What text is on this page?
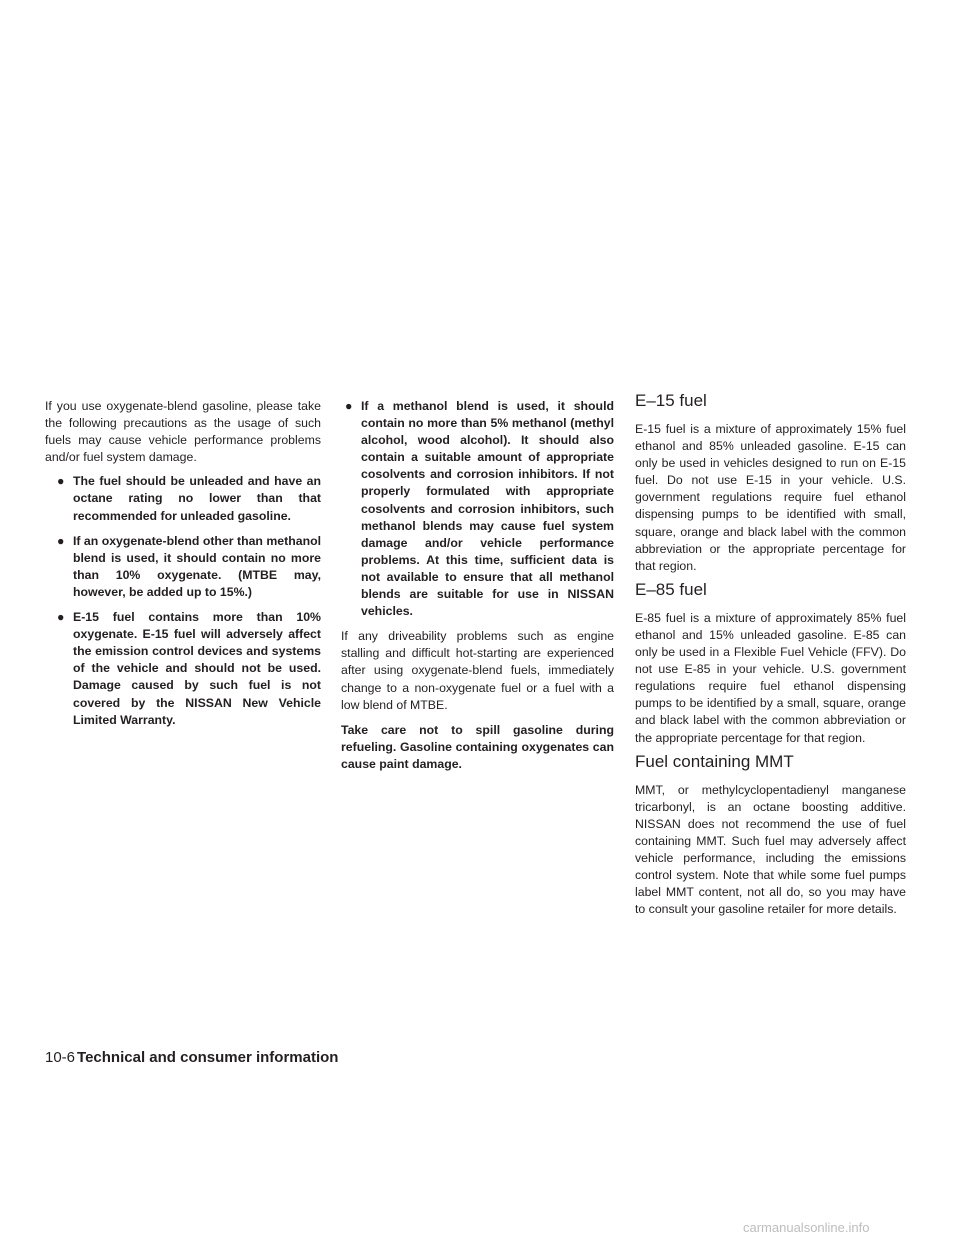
If you use oxygenate-blend gasoline, please take the following precautions as the usage of such fuels may cause vehicle performance problems and/or fuel system damage.

● The fuel should be unleaded and have an octane rating no lower than that recommended for unleaded gasoline.
● If an oxygenate-blend other than methanol blend is used, it should contain no more than 10% oxygenate. (MTBE may, however, be added up to 15%.)
● E-15 fuel contains more than 10% oxygenate. E-15 fuel will adversely affect the emission control devices and systems of the vehicle and should not be used. Damage caused by such fuel is not covered by the NISSAN New Vehicle Limited Warranty.
● If a methanol blend is used, it should contain no more than 5% methanol (methyl alcohol, wood alcohol). It should also contain a suitable amount of appropriate cosolvents and corrosion inhibitors. If not properly formulated with appropriate cosolvents and corrosion inhibitors, such methanol blends may cause fuel system damage and/or vehicle performance problems. At this time, sufficient data is not available to ensure that all methanol blends are suitable for use in NISSAN vehicles.

If any driveability problems such as engine stalling and difficult hot-starting are experienced after using oxygenate-blend fuels, immediately change to a non-oxygenate fuel or a fuel with a low blend of MTBE.

Take care not to spill gasoline during refueling. Gasoline containing oxygenates can cause paint damage.

E–15 fuel

E-15 fuel is a mixture of approximately 15% fuel ethanol and 85% unleaded gasoline. E-15 can only be used in vehicles designed to run on E-15 fuel. Do not use E-15 in your vehicle. U.S. government regulations require fuel ethanol dispensing pumps to be identified with small, square, orange and black label with the common abbreviation or the appropriate percentage for that region.

E–85 fuel

E-85 fuel is a mixture of approximately 85% fuel ethanol and 15% unleaded gasoline. E-85 can only be used in a Flexible Fuel Vehicle (FFV). Do not use E-85 in your vehicle. U.S. government regulations require fuel ethanol dispensing pumps to be identified by a small, square, orange and black label with the common abbreviation or the appropriate percentage for that region.

Fuel containing MMT

MMT, or methylcyclopentadienyl manganese tricarbonyl, is an octane boosting additive. NISSAN does not recommend the use of fuel containing MMT. Such fuel may adversely affect vehicle performance, including the emissions control system. Note that while some fuel pumps label MMT content, not all do, so you may have to consult your gasoline retailer for more details.

10-6 Technical and consumer information
carmanualsonline.info
